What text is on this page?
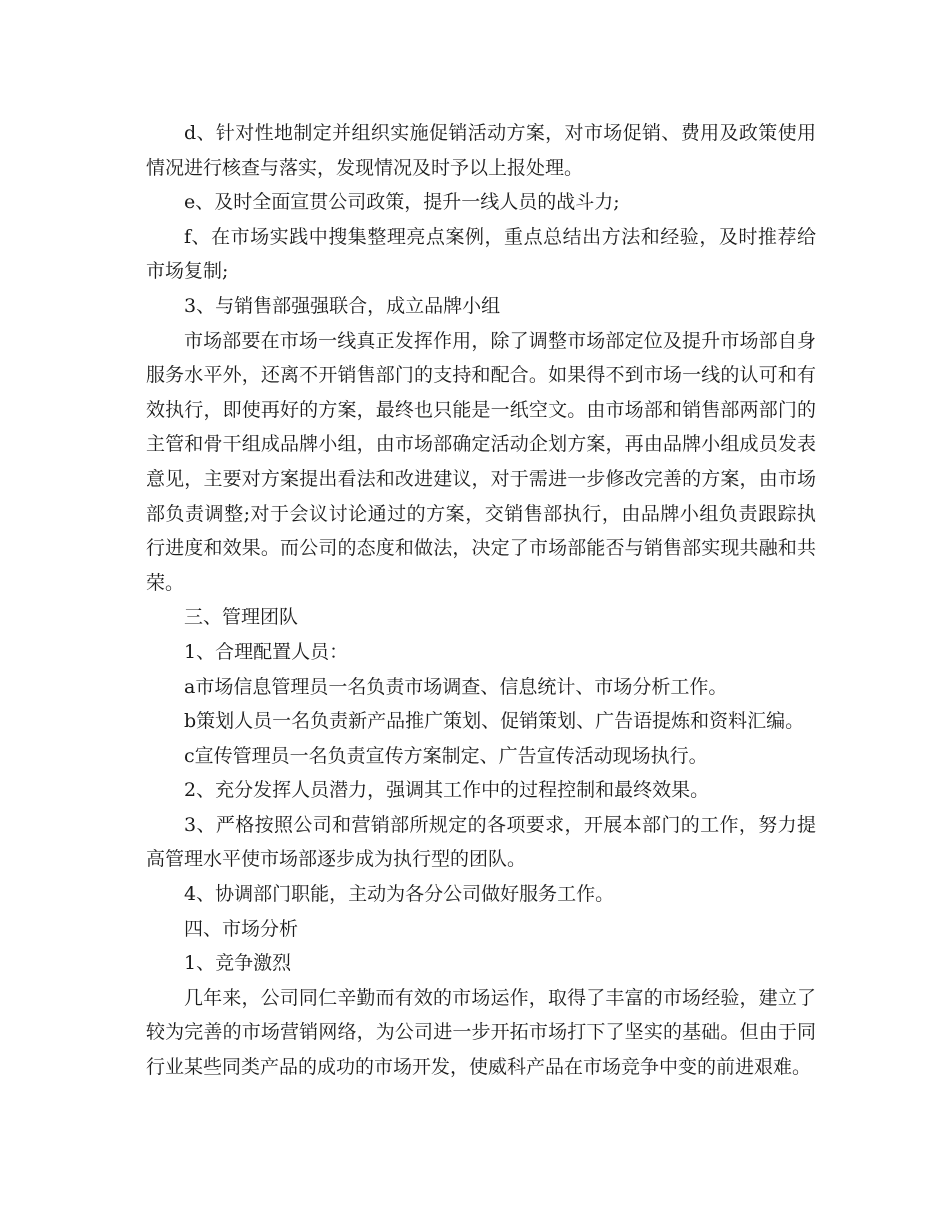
d、针对性地制定并组织实施促销活动方案，对市场促销、费用及政策使用情况进行核查与落实，发现情况及时予以上报处理。

e、及时全面宣贯公司政策，提升一线人员的战斗力;

f、在市场实践中搜集整理亮点案例，重点总结出方法和经验，及时推荐给市场复制;

3、与销售部强强联合，成立品牌小组

市场部要在市场一线真正发挥作用，除了调整市场部定位及提升市场部自身服务水平外，还离不开销售部门的支持和配合。如果得不到市场一线的认可和有效执行，即使再好的方案，最终也只能是一纸空文。由市场部和销售部两部门的主管和骨干组成品牌小组，由市场部确定活动企划方案，再由品牌小组成员发表意见，主要对方案提出看法和改进建议，对于需进一步修改完善的方案，由市场部负责调整;对于会议讨论通过的方案，交销售部执行，由品牌小组负责跟踪执行进度和效果。而公司的态度和做法，决定了市场部能否与销售部实现共融和共荣。

三、管理团队

1、合理配置人员：

a市场信息管理员一名负责市场调查、信息统计、市场分析工作。

b策划人员一名负责新产品推广策划、促销策划、广告语提炼和资料汇编。

c宣传管理员一名负责宣传方案制定、广告宣传活动现场执行。

2、充分发挥人员潜力，强调其工作中的过程控制和最终效果。

3、严格按照公司和营销部所规定的各项要求，开展本部门的工作，努力提高管理水平使市场部逐步成为执行型的团队。

4、协调部门职能，主动为各分公司做好服务工作。

四、市场分析

1、竞争激烈

几年来，公司同仁辛勤而有效的市场运作，取得了丰富的市场经验，建立了较为完善的市场营销网络，为公司进一步开拓市场打下了坚实的基础。但由于同行业某些同类产品的成功的市场开发，使威科产品在市场竞争中变的前进艰难。
